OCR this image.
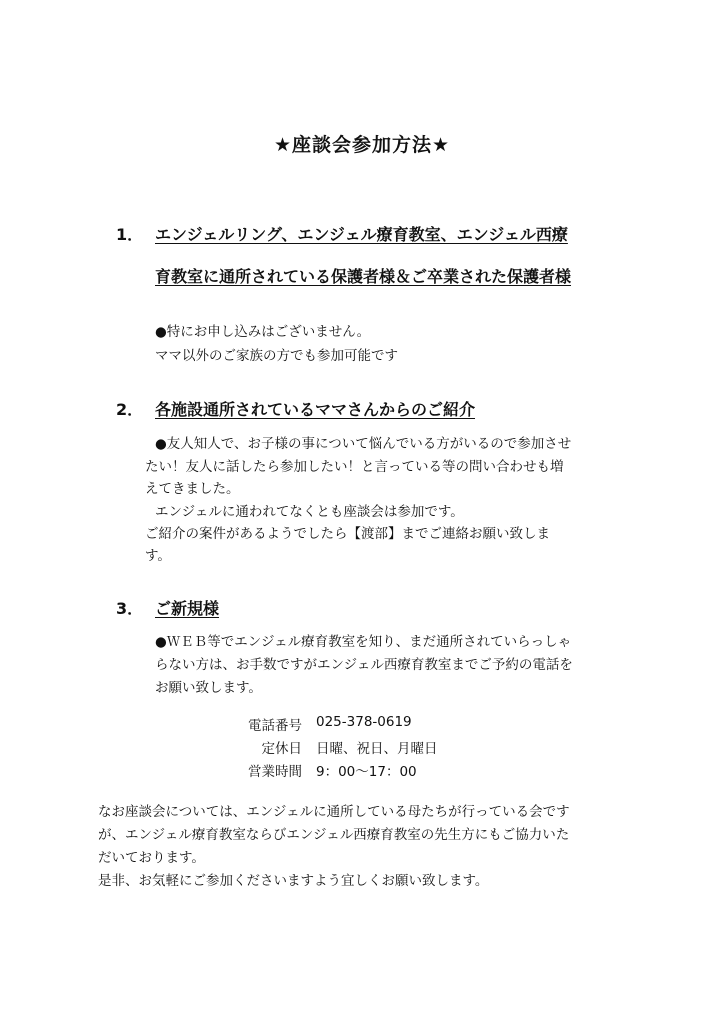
★座談会参加方法★
1． エンジェルリング、エンジェル療育教室、エンジェル西療
育教室に通所されている保護者様＆ご卒業された保護者様
●特にお申し込みはございません。
ママ以外のご家族の方でも参加可能です
2． 各施設通所されているママさんからのご紹介
●友人知人で、お子様の事について悩んでいる方がいるので参加させ
たい！友人に話したら参加したい！と言っている等の問い合わせも増
えてきました。
エンジェルに通われてなくとも座談会は参加です。
ご紹介の案件があるようでしたら【渡部】までご連絡お願い致しま
す。
3． ご新規様
●ＷＥＢ等でエンジェル療育教室を知り、まだ通所されていらっしゃ
らない方は、お手数ですがエンジェル西療育教室までご予約の電話を
お願い致します。
電話番号 025-378-0619
定休日 日曜、祝日、月曜日
営業時間 9：00～17：00
なお座談会については、エンジェルに通所している母たちが行っている会です
が、エンジェル療育教室ならびエンジェル西療育教室の先生方にもご協力いた
だいております。
是非、お気軽にご参加くださいますよう宜しくお願い致します。
